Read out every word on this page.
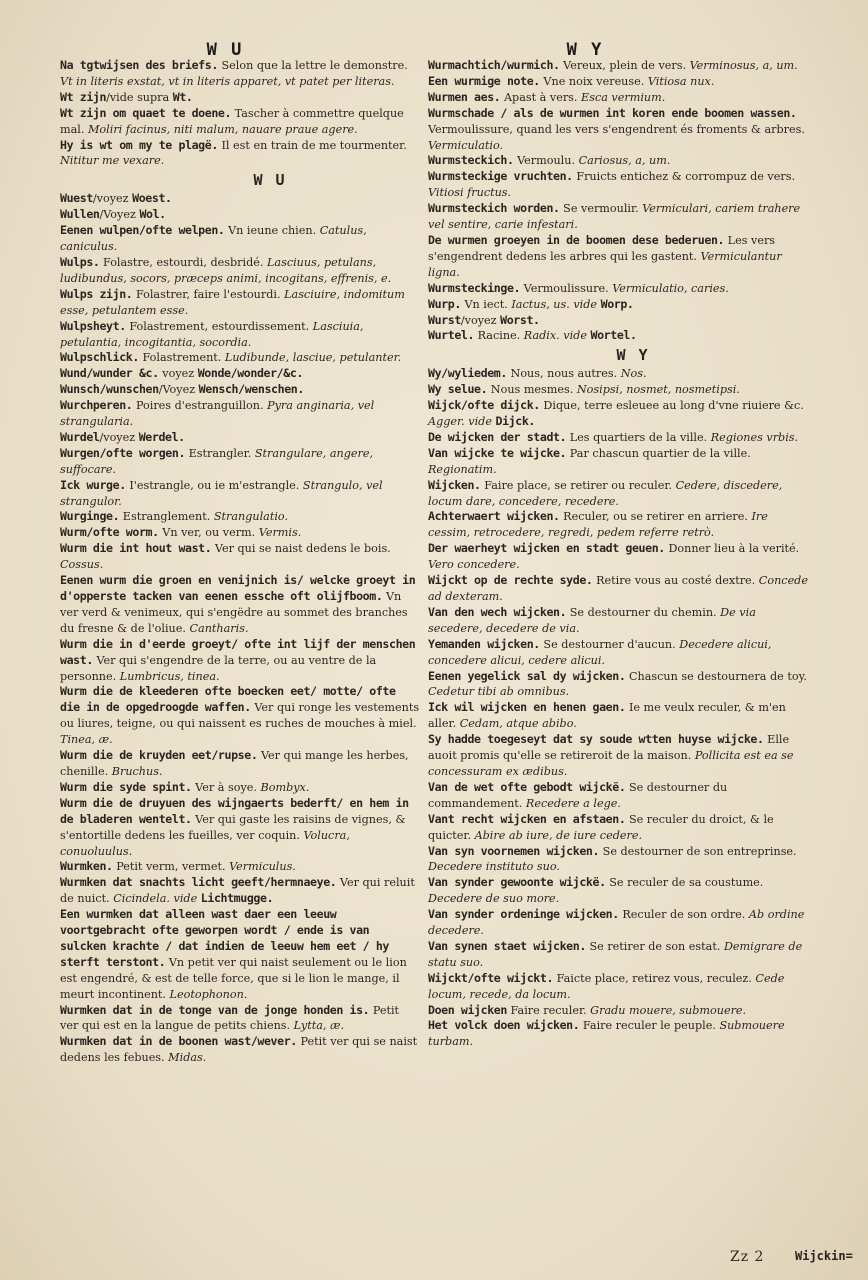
W U	W Y

Na tgtwijsen des briefs. Selon que la lettre le demonstre. Vt in literis exstat, vt in literis apparet, vt patet per literas.

Wt zijn/vide supra Wt.

Wt zijn om quaet te doene. Tascher à commettre quelque mal. Moliri facinus, niti malum, nauare praue agere.

Hy is wt om my te plagë. Il est en train de me tourmenter. Nititur me vexare.

W U

Wuest/voyez Woest.

Wullen/Voyez Wol.

Eenen wulpen/ofte welpen. Vn ieune chien. Catulus, caniculus.

Wulps. Folastre, estourdi, desbridé. Lasciuus, petulans, ludibundus, socors, præceps animi, incogitans, effrenis, e.

Wulps zijn. Folastrer, faire l'estourdi. Lasciuire, indomitum esse, petulantem esse.

Wulpsheyt. Folastrement, estourdissement. Lasciuia, petulantia, incogitantia, socordia.

Wulpschlick. Folastrement. Ludibunde, lasciue, petulanter.

Wund/wunder &c. voyez Wonde/wonder/&c.

Wunsch/wunschen/Voyez Wensch/wenschen.

Wurchperen. Poires d'estranguillon. Pyra anginaria, vel strangularia.

Wurdel/voyez Werdel.

Wurgen/ofte worgen. Estrangler. Strangulare, angere, suffocare.

Ick wurge. I'estrangle, ou ie m'estrangle. Strangulo, vel strangulor.

Wurginge. Estranglement. Strangulatio.

Wurm/ofte worm. Vn ver, ou verm. Vermis.

Wurm die int hout wast. Ver qui se naist dedens le bois. Cossus.

Eenen wurm die groen en venijnich is/ welcke groeyt in d'opperste tacken van eenen essche oft olijfboom. Vn ver verd & venimeux, qui s'engëdre au sommet des branches du fresne & de l'oliue. Cantharis.

Wurm die in d'eerde groeyt/ ofte int lijf der menschen wast. Ver qui s'engendre de la terre, ou au ventre de la personne. Lumbricus, tinea.

Wurm die de kleederen ofte boecken eet/ motte/ ofte die in de opgedroogde waffen. Ver qui ronge les vestements ou liures, teigne, ou qui naissent es ruches de mouches à miel. Tinea, æ.

Wurm die de kruyden eet/rupse. Ver qui mange les herbes, chenille. Bruchus.

Wurm die syde spint. Ver à soye. Bombyx.

Wurm die de druyuen des wijngaerts bederft/ en hem in de bladeren wentelt. Ver qui gaste les raisins de vignes, & s'entortille dedens les fueilles, ver coquin. Volucra, conuoluulus.

Wurmken. Petit verm, vermet. Vermiculus.

Wurmken dat snachts licht geeft/hermnaeye. Ver qui reluit de nuict. Cicindela. vide Lichtmugge.

Een wurmken dat alleen wast daer een leeuw voortgebracht ofte geworpen wordt / ende is van sulcken krachte / dat indien de leeuw hem eet / hy sterft terstont. Vn petit ver qui naist seulement ou le lion est engendré, & est de telle force, que si le lion le mange, il meurt incontinent. Leotophonon.

Wurmken dat in de tonge van de jonge honden is. Petit ver qui est en la langue de petits chiens. Lytta, æ.

Wurmken dat in de boonen wast/wever. Petit ver qui se naist dedens les febues. Midas.

Wurmachtich/wurmich. Vereux, plein de vers. Verminosus, a, um.

Een wurmige note. Vne noix vereuse. Vitiosa nux.

Wurmen aes. Apast à vers. Esca vermium.

Wurmschade / als de wurmen int koren ende boomen wassen. Vermoulissure, quand les vers s'engendrent és froments & arbres. Vermiculatio.

Wurmsteckich. Vermoulu. Cariosus, a, um.

Wurmsteckige vruchten. Fruicts entichez & corrompuz de vers. Vitiosi fructus.

Wurmsteckich worden. Se vermoulir. Vermiculari, cariem trahere vel sentire, carie infestari.

De wurmen groeyen in de boomen dese bederuen. Les vers s'engendrent dedens les arbres qui les gastent. Vermiculantur ligna.

Wurmsteckinge. Vermoulissure. Vermiculatio, caries.

Wurp. Vn iect. Iactus, us. vide Worp.

Wurst/voyez Worst.

Wurtel. Racine. Radix. vide Wortel.

W Y

Wy/wyliedem. Nous, nous autres. Nos.

Wy selue. Nous mesmes. Nosipsi, nosmet, nosmetipsi.

Wijck/ofte dijck. Dique, terre esleuee au long d'vne riuiere &c. Agger. vide Dijck.

De wijcken der stadt. Les quartiers de la ville. Regiones vrbis.

Van wijcke te wijcke. Par chascun quartier de la ville. Regionatim.

Wijcken. Faire place, se retirer ou reculer. Cedere, discedere, locum dare, concedere, recedere.

Achterwaert wijcken. Reculer, ou se retirer en arriere. Ire cessim, retrocedere, regredi, pedem referre retrò.

Der waerheyt wijcken en stadt geuen. Donner lieu à la verité. Vero concedere.

Wijckt op de rechte syde. Retire vous au costé dextre. Concede ad dexteram.

Van den wech wijcken. Se destourner du chemin. De via secedere, decedere de via.

Yemanden wijcken. Se destourner d'aucun. Decedere alicui, concedere alicui, cedere alicui.

Eenen yegelick sal dy wijcken. Chascun se destournera de toy. Cedetur tibi ab omnibus.

Ick wil wijcken en henen gaen. Ie me veulx reculer, & m'en aller. Cedam, atque abibo.

Sy hadde toegeseyt dat sy soude wtten huyse wijcke. Elle auoit promis qu'elle se retireroit de la maison. Pollicita est ea se concessuram ex ædibus.

Van de wet ofte gebodt wijckë. Se destourner du commandement. Recedere a lege.

Vant recht wijcken en afstaen. Se reculer du droict, & le quicter. Abire ab iure, de iure cedere.

Van syn voornemen wijcken. Se destourner de son entreprinse. Decedere instituto suo.

Van synder gewoonte wijckë. Se reculer de sa coustume. Decedere de suo more.

Van synder ordeninge wijcken. Reculer de son ordre. Ab ordine decedere.

Van synen staet wijcken. Se retirer de son estat. Demigrare de statu suo.

Wijckt/ofte wijckt. Faicte place, retirez vous, reculez. Cede locum, recede, da locum.

Doen wijcken Faire reculer. Gradu mouere, submouere.

Het volck doen wijcken. Faire reculer le peuple. Submouere turbam.

Zz 2	Wijckin=
